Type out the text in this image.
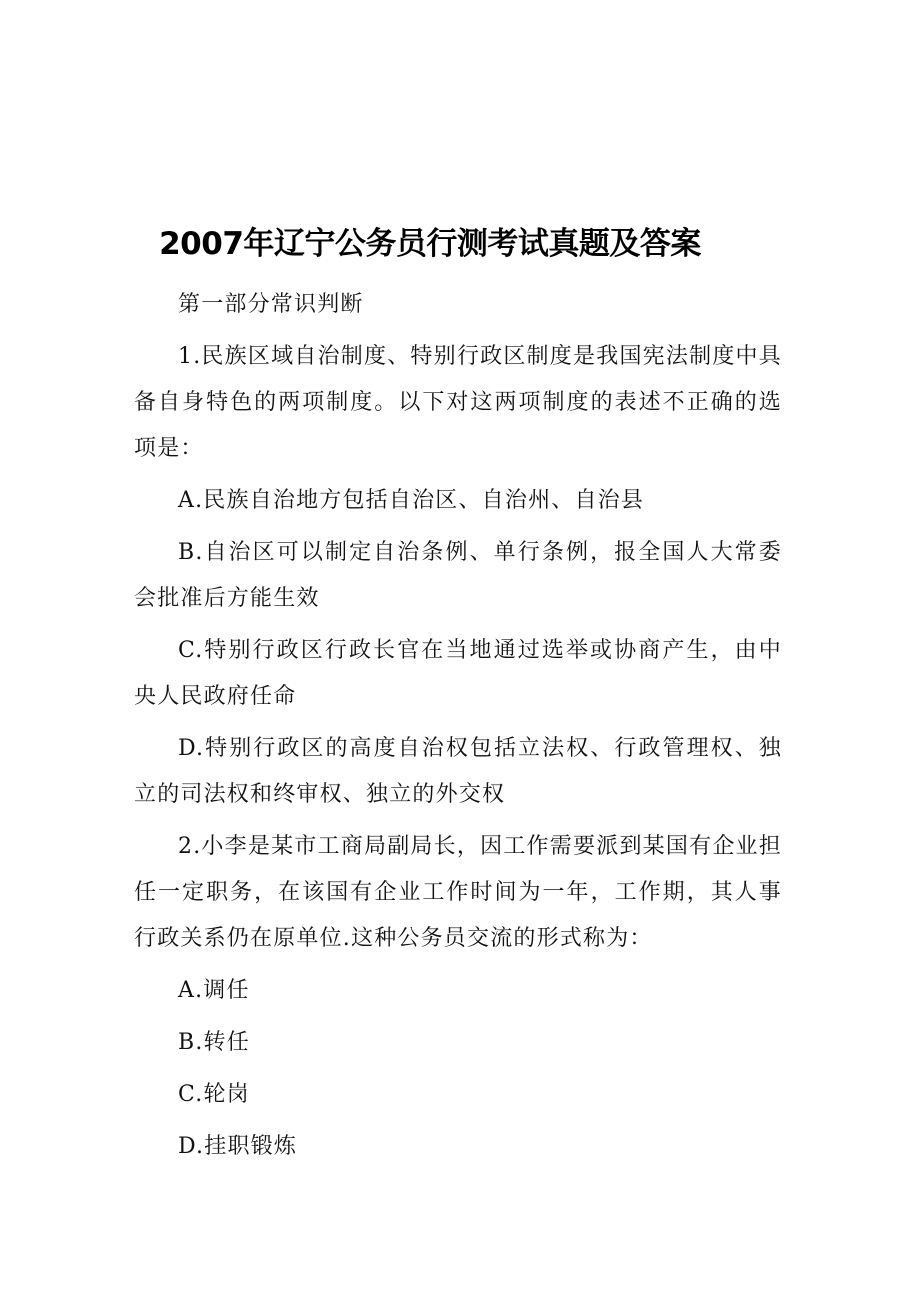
2007年辽宁公务员行测考试真题及答案

第一部分常识判断

1.民族区域自治制度、特别行政区制度是我国宪法制度中具备自身特色的两项制度。以下对这两项制度的表述不正确的选项是：

A.民族自治地方包括自治区、自治州、自治县

B.自治区可以制定自治条例、单行条例，报全国人大常委会批准后方能生效

C.特别行政区行政长官在当地通过选举或协商产生，由中央人民政府任命

D.特别行政区的高度自治权包括立法权、行政管理权、独立的司法权和终审权、独立的外交权

2.小李是某市工商局副局长，因工作需要派到某国有企业担任一定职务，在该国有企业工作时间为一年，工作期，其人事行政关系仍在原单位.这种公务员交流的形式称为：

A.调任

B.转任

C.轮岗

D.挂职锻炼
